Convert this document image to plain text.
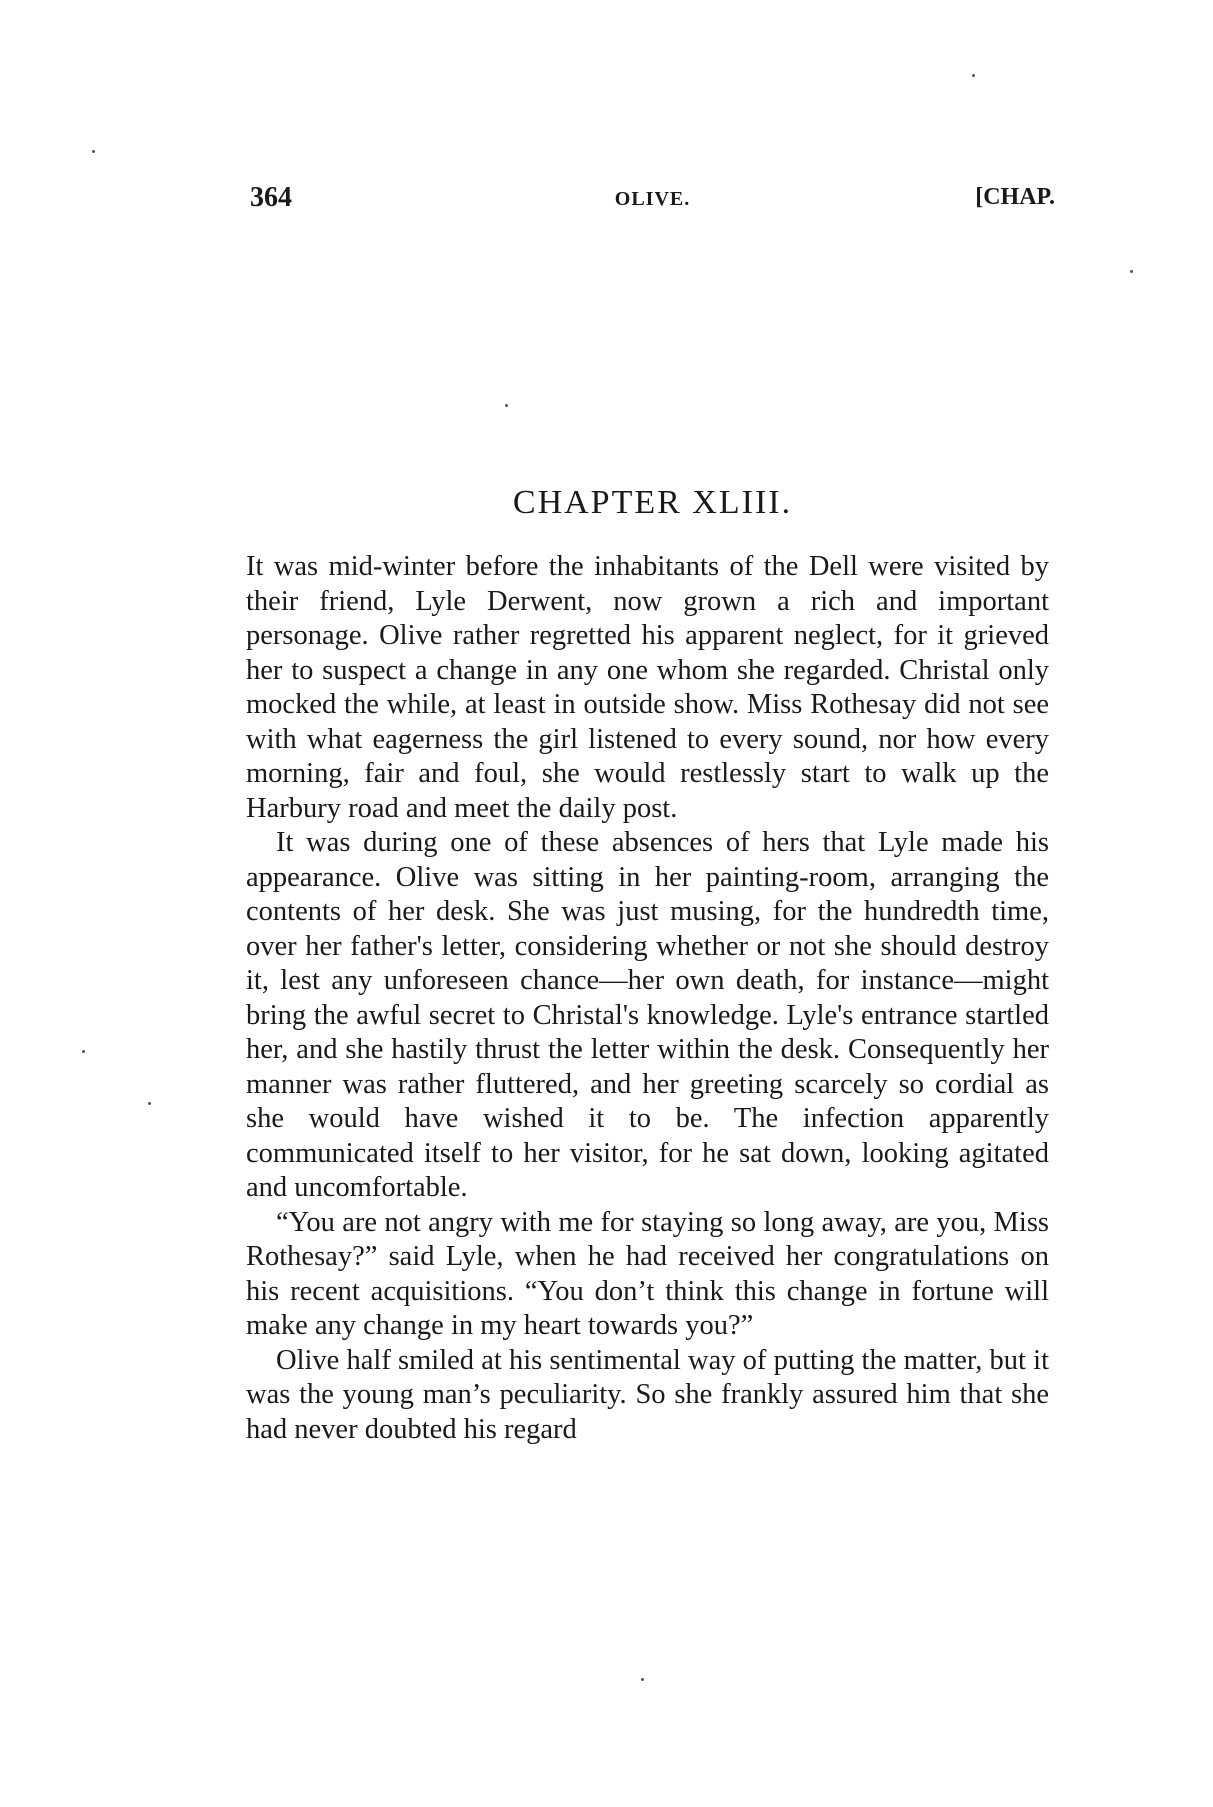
364	OLIVE.	[CHAP.
CHAPTER XLIII.

It was mid-winter before the inhabitants of the Dell were visited by their friend, Lyle Derwent, now grown a rich and important personage. Olive rather regretted his apparent neglect, for it grieved her to suspect a change in any one whom she regarded. Christal only mocked the while, at least in outside show. Miss Rothesay did not see with what eagerness the girl listened to every sound, nor how every morning, fair and foul, she would restlessly start to walk up the Harbury road and meet the daily post.

It was during one of these absences of hers that Lyle made his appearance. Olive was sitting in her painting-room, arranging the contents of her desk. She was just musing, for the hundredth time, over her father's letter, considering whether or not she should destroy it, lest any unforeseen chance—her own death, for instance—might bring the awful secret to Christal's knowledge. Lyle's entrance startled her, and she hastily thrust the letter within the desk. Consequently her manner was rather fluttered, and her greeting scarcely so cordial as she would have wished it to be. The infection apparently communicated itself to her visitor, for he sat down, looking agitated and uncomfortable.

“You are not angry with me for staying so long away, are you, Miss Rothesay?” said Lyle, when he had received her congratulations on his recent acquisitions. “You don’t think this change in fortune will make any change in my heart towards you?”

Olive half smiled at his sentimental way of putting the matter, but it was the young man’s peculiarity. So she frankly assured him that she had never doubted his regard
